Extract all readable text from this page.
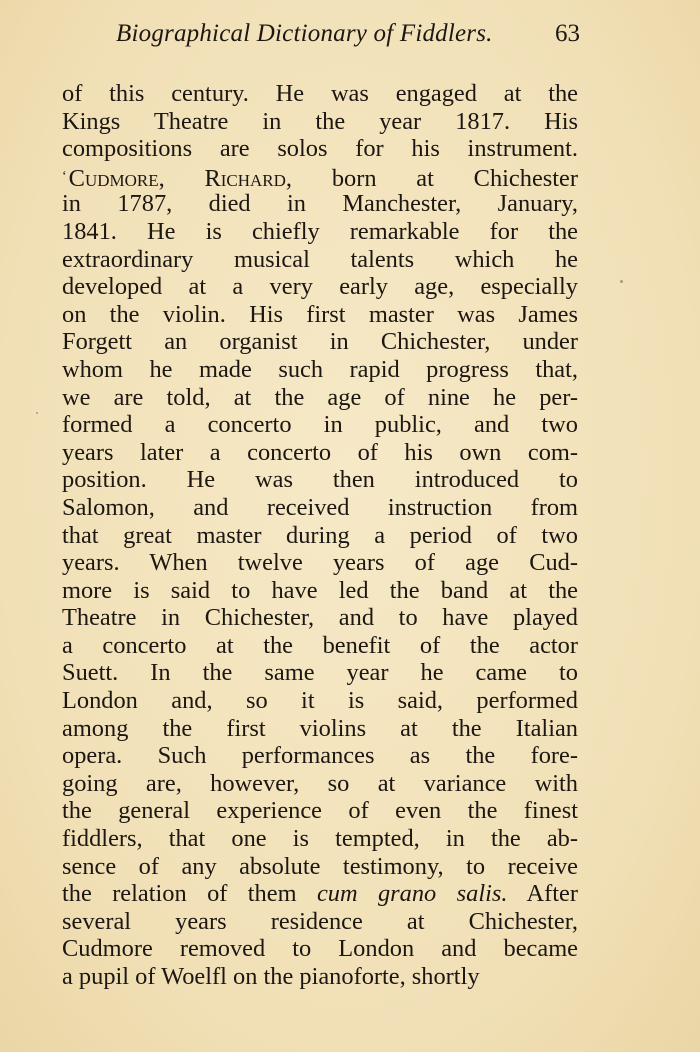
Biographical Dictionary of Fiddlers. 63
of this century. He was engaged at the
Kings Theatre in the year 1817. His
compositions are solos for his instrument.
‘Cudmore, Richard, born at Chichester
in 1787, died in Manchester, January,
1841. He is chiefly remarkable for the
extraordinary musical talents which he
developed at a very early age, especially
on the violin. His first master was James
Forgett an organist in Chichester, under
whom he made such rapid progress that,
we are told, at the age of nine he per-
formed a concerto in public, and two
years later a concerto of his own com-
position. He was then introduced to
Salomon, and received instruction from
that great master during a period of two
years. When twelve years of age Cud-
more is said to have led the band at the
Theatre in Chichester, and to have played
a concerto at the benefit of the actor
Suett. In the same year he came to
London and, so it is said, performed
among the first violins at the Italian
opera. Such performances as the fore-
going are, however, so at variance with
the general experience of even the finest
fiddlers, that one is tempted, in the ab-
sence of any absolute testimony, to receive
the relation of them cum grano salis. After
several years residence at Chichester,
Cudmore removed to London and became
a pupil of Woelfl on the pianoforte, shortly
